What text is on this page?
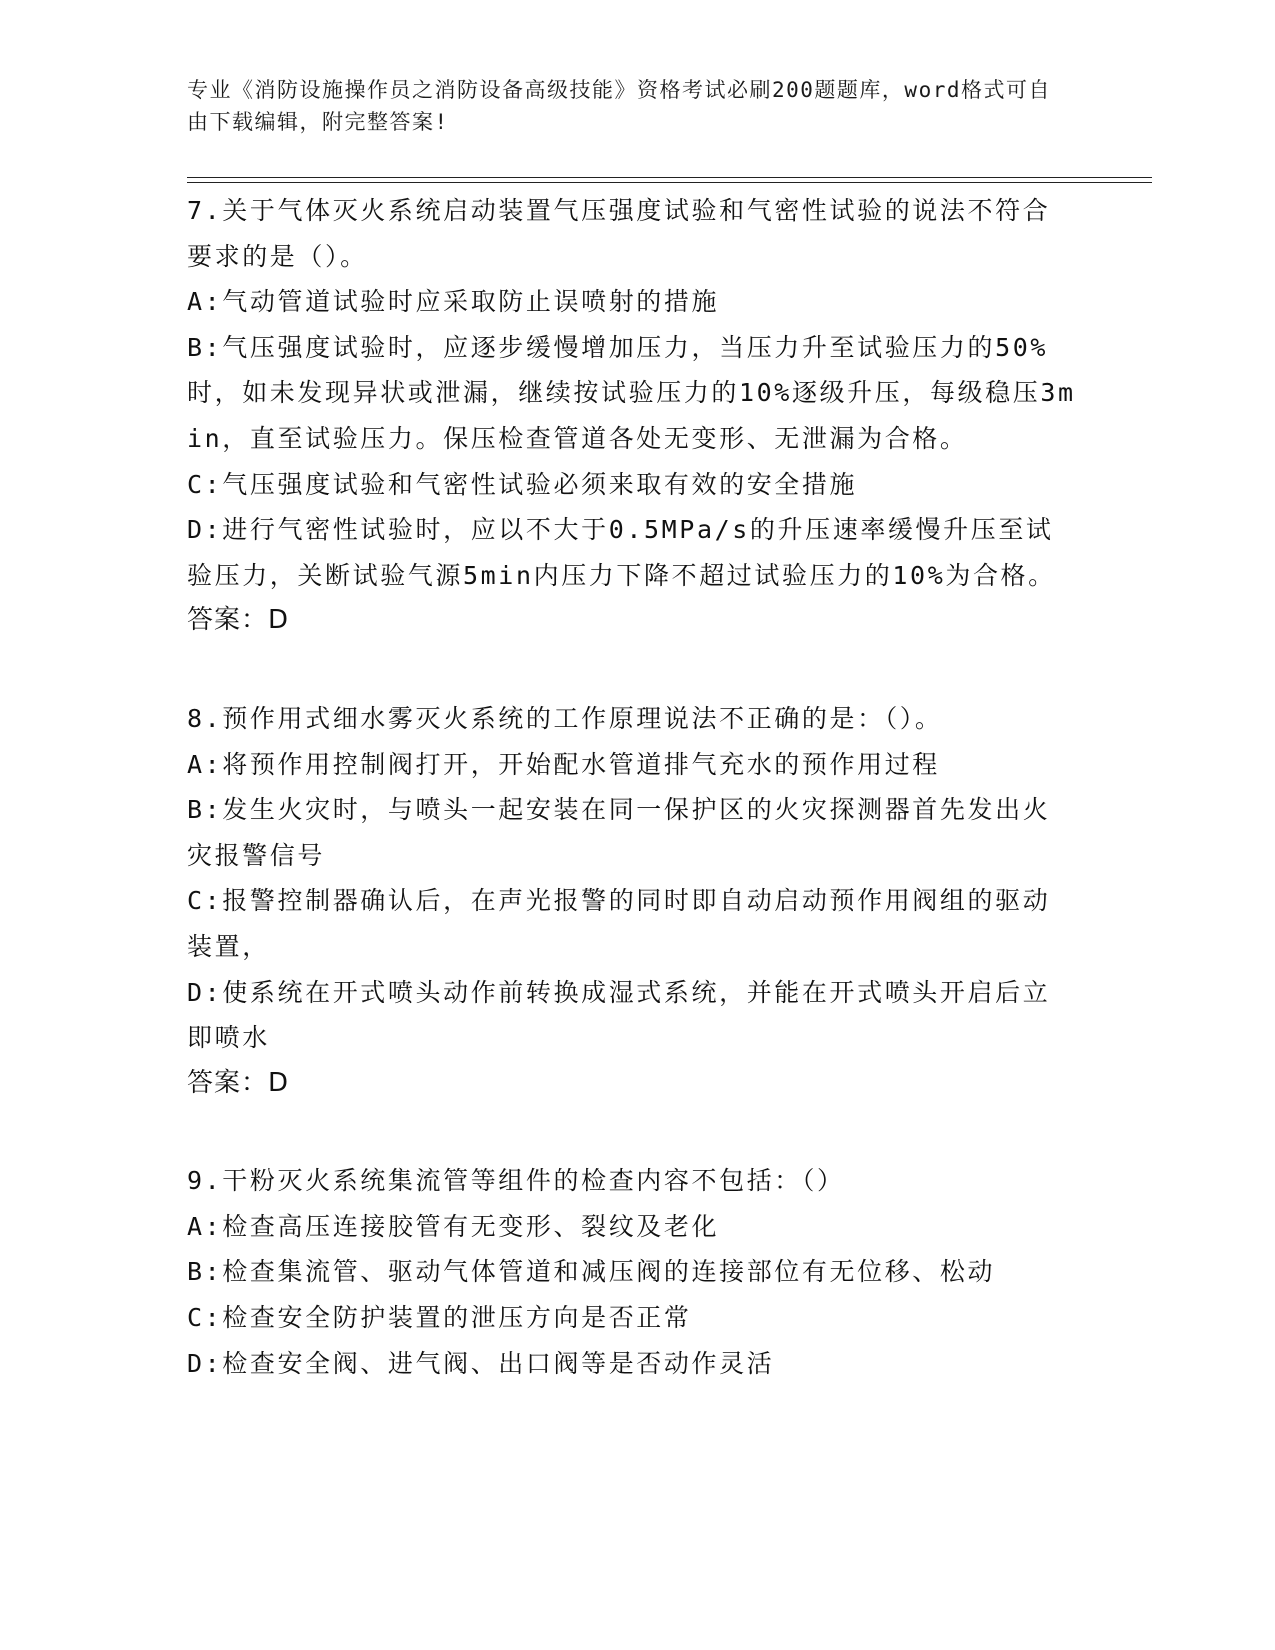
专业《消防设施操作员之消防设备高级技能》资格考试必刷200题题库，word格式可自由下载编辑，附完整答案!
7.关于气体灭火系统启动装置气压强度试验和气密性试验的说法不符合要求的是（）。
A:气动管道试验时应采取防止误喷射的措施
B:气压强度试验时，应逐步缓慢增加压力，当压力升至试验压力的50%时，如未发现异状或泄漏，继续按试验压力的10%逐级升压，每级稳压3min，直至试验压力。保压检查管道各处无变形、无泄漏为合格。
C:气压强度试验和气密性试验必须来取有效的安全措施
D:进行气密性试验时，应以不大于0.5MPa/s的升压速率缓慢升压至试验压力，关断试验气源5min内压力下降不超过试验压力的10%为合格。
答案：D
8.预作用式细水雾灭火系统的工作原理说法不正确的是：（）。
A:将预作用控制阀打开，开始配水管道排气充水的预作用过程
B:发生火灾时，与喷头一起安装在同一保护区的火灾探测器首先发出火灾报警信号
C:报警控制器确认后，在声光报警的同时即自动启动预作用阀组的驱动装置，
D:使系统在开式喷头动作前转换成湿式系统，并能在开式喷头开启后立即喷水
答案：D
9.干粉灭火系统集流管等组件的检查内容不包括：（）
A:检查高压连接胶管有无变形、裂纹及老化
B:检查集流管、驱动气体管道和减压阀的连接部位有无位移、松动
C:检查安全防护装置的泄压方向是否正常
D:检查安全阀、进气阀、出口阀等是否动作灵活
